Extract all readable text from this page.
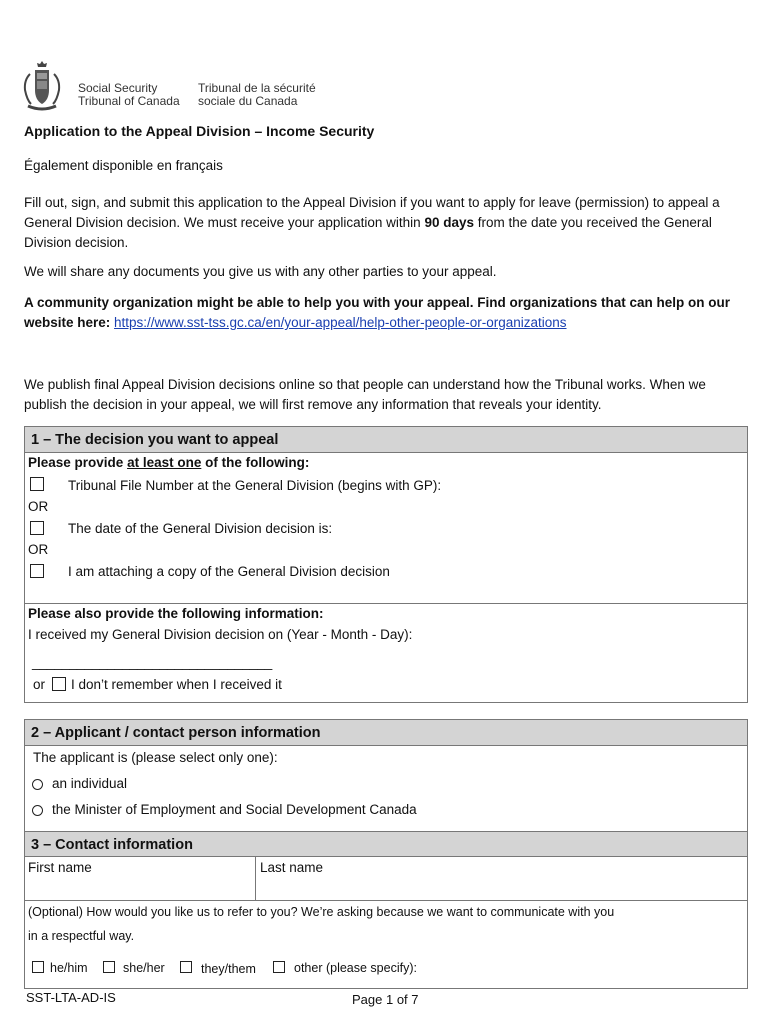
Social Security
Tribunal of Canada
Tribunal de la sécurité
sociale du Canada
Application to the Appeal Division – Income Security
Également disponible en français
Fill out, sign, and submit this application to the Appeal Division if you want to apply for leave (permission) to appeal a General Division decision. We must receive your application within 90 days from the date you received the General Division decision.
We will share any documents you give us with any other parties to your appeal.
A community organization might be able to help you with your appeal. Find organizations that can help on our website here: https://www.sst-tss.gc.ca/en/your-appeal/help-other-people-or-organizations
We publish final Appeal Division decisions online so that people can understand how the Tribunal works. When we publish the decision in your appeal, we will first remove any information that reveals your identity.
1 – The decision you want to appeal
Please provide at least one of the following:
Tribunal File Number at the General Division (begins with GP):
OR
The date of the General Division decision is:
OR
I am attaching a copy of the General Division decision
Please also provide the following information:
I received my General Division decision on (Year - Month - Day):
________________________________
or I don’t remember when I received it
2 – Applicant / contact person information
The applicant is (please select only one):
an individual
the Minister of Employment and Social Development Canada
3 – Contact information
First name	Last name
(Optional) How would you like us to refer to you? We’re asking because we want to communicate with you
in a respectful way.
he/him	she/her	they/them	other (please specify):
SST-LTA-AD-IS	Page 1 of 7
